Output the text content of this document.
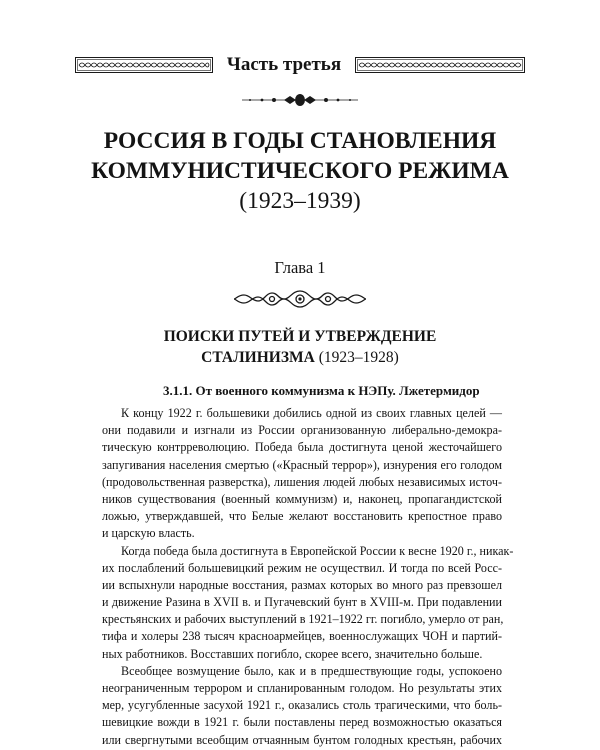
Часть третья
РОССИЯ В ГОДЫ СТАНОВЛЕНИЯ
КОММУНИСТИЧЕСКОГО РЕЖИМА
(1923–1939)
Глава 1
ПОИСКИ ПУТЕЙ И УТВЕРЖДЕНИЕ
СТАЛИНИЗМА (1923–1928)
3.1.1. От военного коммунизма к НЭПу. Лжетермидор
К концу 1922 г. большевики добились одной из своих главных целей —
они подавили и изгнали из России организованную либерально-демокра-
тическую контрреволюцию. Победа была достигнута ценой жесточайшего
запугивания населения смертью («Красный террор»), изнурения его голодом
(продовольственная разверстка), лишения людей любых независимых источ-
ников существования (военный коммунизм) и, наконец, пропагандистской
ложью, утверждавшей, что Белые желают восстановить крепостное право
и царскую власть.
Когда победа была достигнута в Европейской России к весне 1920 г., никак-
их послаблений большевицкий режим не осуществил. И тогда по всей Росс-
ии вспыхнули народные восстания, размах которых во много раз превзошел
и движение Разина в XVII в. и Пугачевский бунт в XVIII-м. При подавлении
крестьянских и рабочих выступлений в 1921–1922 гг. погибло, умерло от ран,
тифа и холеры 238 тысяч красноармейцев, военнослужащих ЧОН и партий-
ных работников. Восставших погибло, скорее всего, значительно больше.
Всеобщее возмущение было, как и в предшествующие годы, успокоено
неограниченным террором и спланированным голодом. Но результаты этих
мер, усугубленные засухой 1921 г., оказались столь трагическими, что боль-
шевицкие вожди в 1921 г. были поставлены перед возможностью оказаться
или свергнутыми всеобщим отчаянным бунтом голодных крестьян, рабочих
